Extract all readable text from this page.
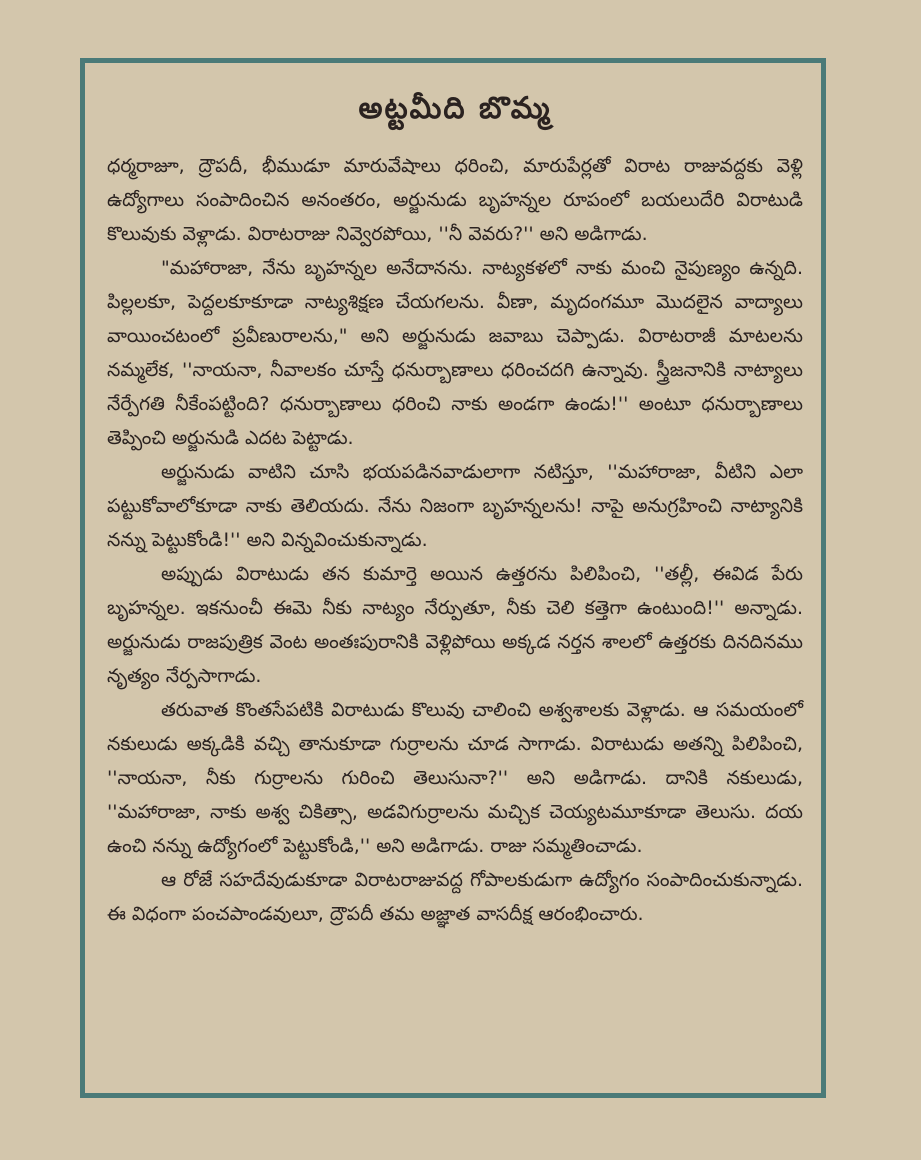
అట్టమీది బొమ్మ

ధర్మరాజూ, ద్రౌపదీ, భీముడూ మారువేషాలు ధరించి, మారుపేర్లతో విరాట రాజువద్దకు వెళ్లి ఉద్యోగాలు సంపాదించిన అనంతరం, అర్జునుడు బృహన్నల రూపంలో బయలుదేరి విరాటుడి కొలువుకు వెళ్లాడు. విరాటరాజు నివ్వెరపోయి, ''నీ వెవరు?'' అని అడిగాడు.

"మహారాజా, నేను బృహన్నల అనేదానను. నాట్యకళలో నాకు మంచి నైపుణ్యం ఉన్నది. పిల్లలకూ, పెద్దలకూకూడా నాట్యశిక్షణ చేయగలను. వీణా, మృదంగమూ మొదలైన వాద్యాలు వాయించటంలో ప్రవీణురాలను," అని అర్జునుడు జవాబు చెప్పాడు. విరాటరాజీ మాటలను నమ్మలేక, ''నాయనా, నీవాలకం చూస్తే ధనుర్బాణాలు ధరించదగి ఉన్నావు. స్త్రీజనానికి నాట్యాలు నేర్పేగతి నీకేంపట్టింది? ధనుర్బాణాలు ధరించి నాకు అండగా ఉండు!'' అంటూ ధనుర్బాణాలు తెప్పించి అర్జునుడి ఎదట పెట్టాడు.

అర్జునుడు వాటిని చూసి భయపడినవాడులాగా నటిస్తూ, ''మహారాజా, వీటిని ఎలా పట్టుకోవాలోకూడా నాకు తెలియదు. నేను నిజంగా బృహన్నలను! నాపై అనుగ్రహించి నాట్యానికి నన్ను పెట్టుకోండి!'' అని విన్నవించుకున్నాడు.

అప్పుడు విరాటుడు తన కుమార్తె అయిన ఉత్తరను పిలిపించి, ''తల్లీ, ఈవిడ పేరు బృహన్నల. ఇకనుంచీ ఈమె నీకు నాట్యం నేర్పుతూ, నీకు చెలి కత్తెగా ఉంటుంది!'' అన్నాడు. అర్జునుడు రాజపుత్రిక వెంట అంతఃపురానికి వెళ్లిపోయి అక్కడ నర్తన శాలలో ఉత్తరకు దినదినము నృత్యం నేర్పసాగాడు.

తరువాత కొంతసేపటికి విరాటుడు కొలువు చాలించి అశ్వశాలకు వెళ్లాడు. ఆ సమయంలో నకులుడు అక్కడికి వచ్చి తానుకూడా గుర్రాలను చూడ సాగాడు. విరాటుడు అతన్ని పిలిపించి, ''నాయనా, నీకు గుర్రాలను గురించి తెలుసునా?'' అని అడిగాడు. దానికి నకులుడు, ''మహారాజా, నాకు అశ్వ చికిత్సా, అడవిగుర్రాలను మచ్చిక చెయ్యటమూకూడా తెలుసు. దయ ఉంచి నన్ను ఉద్యోగంలో పెట్టుకోండి,'' అని అడిగాడు. రాజు సమ్మతించాడు.

ఆ రోజే సహదేవుడుకూడా విరాటరాజువద్ద గోపాలకుడుగా ఉద్యోగం సంపాదించుకున్నాడు. ఈ విధంగా పంచపాండవులూ, ద్రౌపదీ తమ అజ్ఞాత వాసదీక్ష ఆరంభించారు.
